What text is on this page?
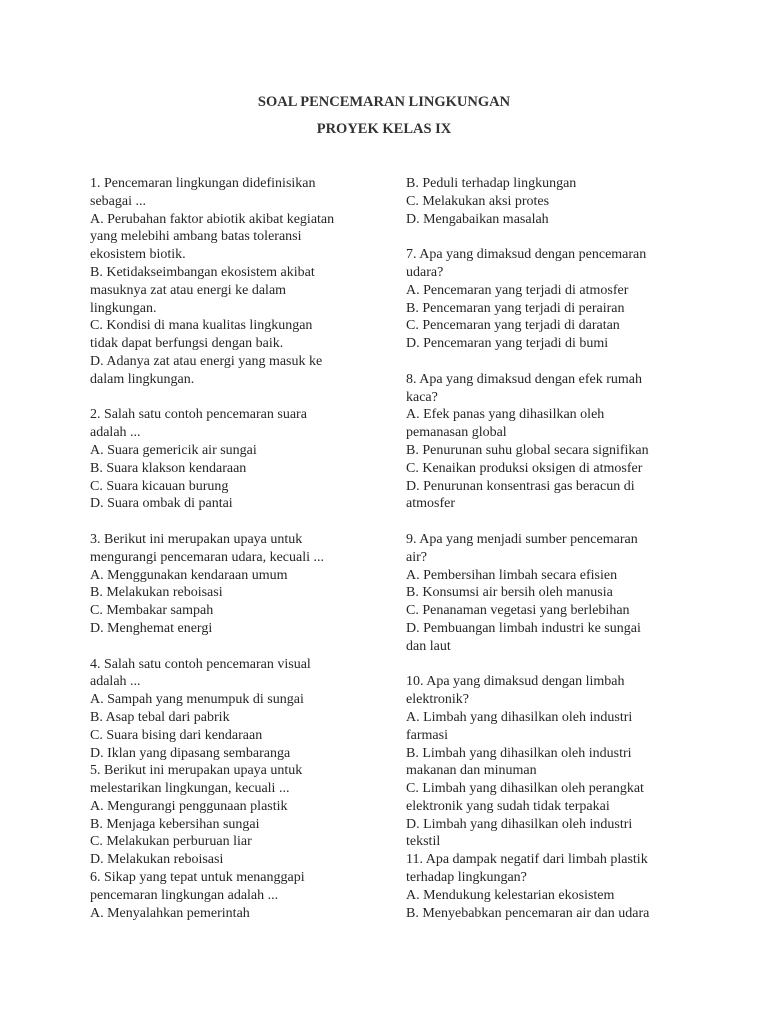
SOAL PENCEMARAN LINGKUNGAN
PROYEK KELAS IX
1. Pencemaran lingkungan didefinisikan
sebagai ...
A. Perubahan faktor abiotik akibat kegiatan
yang melebihi ambang batas toleransi
ekosistem biotik.
B. Ketidakseimbangan ekosistem akibat
masuknya zat atau energi ke dalam
lingkungan.
C. Kondisi di mana kualitas lingkungan
tidak dapat berfungsi dengan baik.
D. Adanya zat atau energi yang masuk ke
dalam lingkungan.
2. Salah satu contoh pencemaran suara
adalah ...
A. Suara gemericik air sungai
B. Suara klakson kendaraan
C. Suara kicauan burung
D. Suara ombak di pantai
3. Berikut ini merupakan upaya untuk
mengurangi pencemaran udara, kecuali ...
A. Menggunakan kendaraan umum
B. Melakukan reboisasi
C. Membakar sampah
D. Menghemat energi
4. Salah satu contoh pencemaran visual
adalah ...
A. Sampah yang menumpuk di sungai
B. Asap tebal dari pabrik
C. Suara bising dari kendaraan
D. Iklan yang dipasang sembaranga
5. Berikut ini merupakan upaya untuk
melestarikan lingkungan, kecuali ...
A. Mengurangi penggunaan plastik
B. Menjaga kebersihan sungai
C. Melakukan perburuan liar
D. Melakukan reboisasi
6. Sikap yang tepat untuk menanggapi
pencemaran lingkungan adalah ...
A. Menyalahkan pemerintah
B. Peduli terhadap lingkungan
C. Melakukan aksi protes
D. Mengabaikan masalah
7. Apa yang dimaksud dengan pencemaran
udara?
A. Pencemaran yang terjadi di atmosfer
B. Pencemaran yang terjadi di perairan
C. Pencemaran yang terjadi di daratan
D. Pencemaran yang terjadi di bumi
8. Apa yang dimaksud dengan efek rumah
kaca?
A. Efek panas yang dihasilkan oleh
pemanasan global
B. Penurunan suhu global secara signifikan
C. Kenaikan produksi oksigen di atmosfer
D. Penurunan konsentrasi gas beracun di
atmosfer
9. Apa yang menjadi sumber pencemaran
air?
A. Pembersihan limbah secara efisien
B. Konsumsi air bersih oleh manusia
C. Penanaman vegetasi yang berlebihan
D. Pembuangan limbah industri ke sungai
dan laut
10. Apa yang dimaksud dengan limbah
elektronik?
A. Limbah yang dihasilkan oleh industri
farmasi
B. Limbah yang dihasilkan oleh industri
makanan dan minuman
C. Limbah yang dihasilkan oleh perangkat
elektronik yang sudah tidak terpakai
D. Limbah yang dihasilkan oleh industri
tekstil
11. Apa dampak negatif dari limbah plastik
terhadap lingkungan?
A. Mendukung kelestarian ekosistem
B. Menyebabkan pencemaran air dan udara
